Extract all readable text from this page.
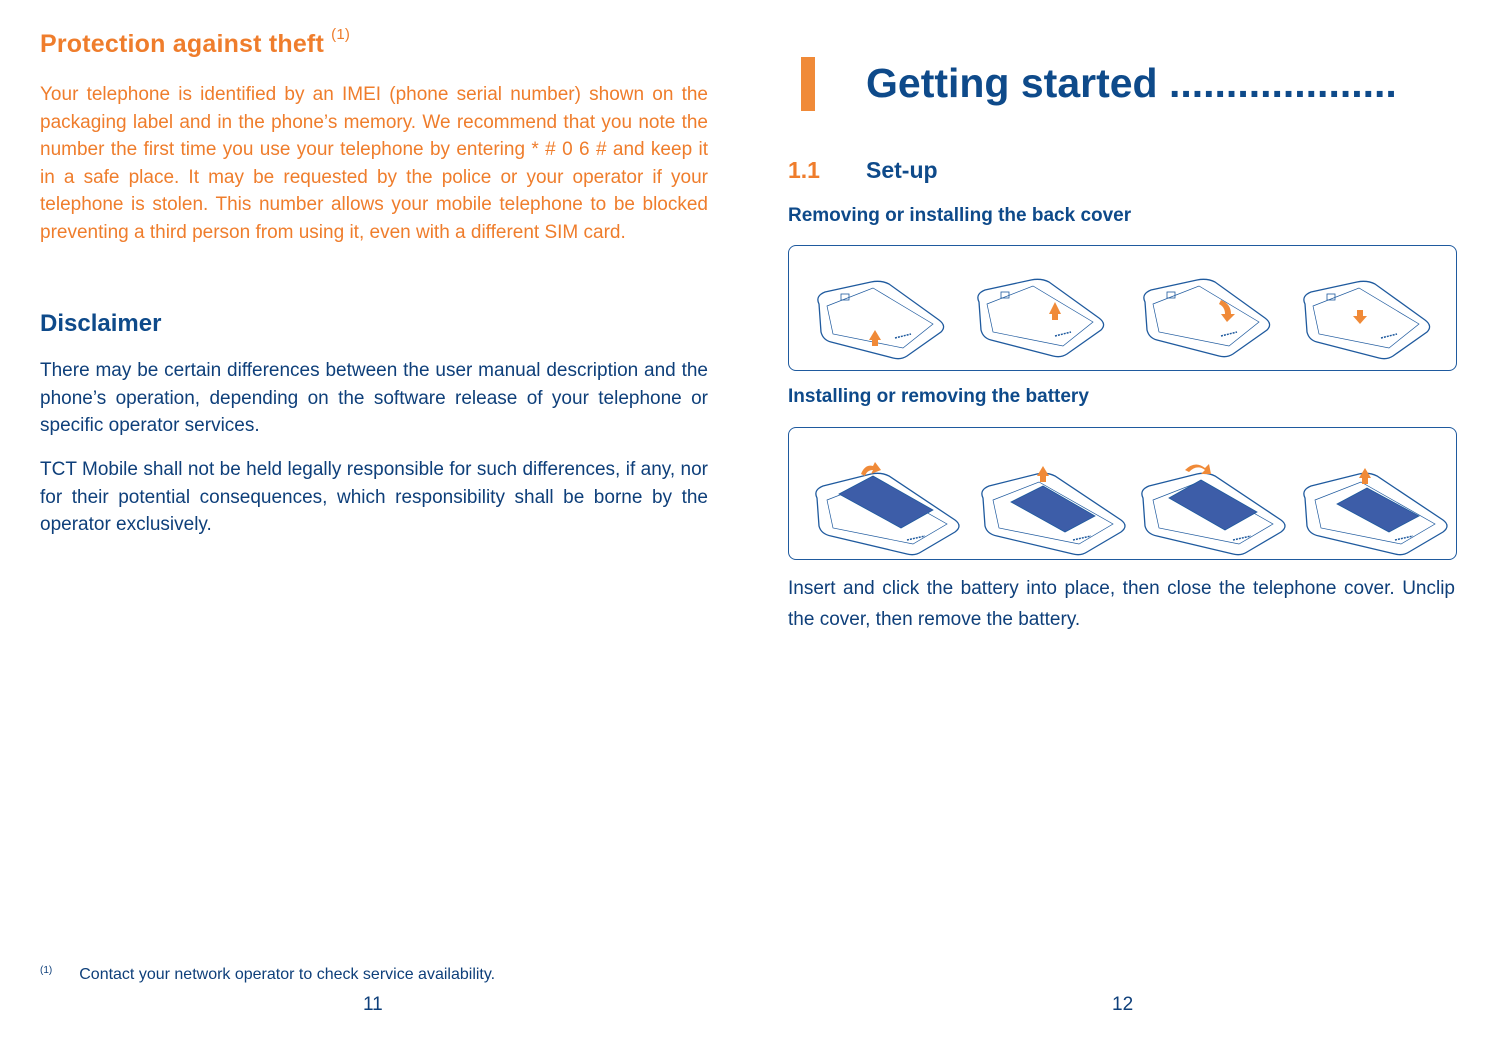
Protection against theft $^{(1)}$

Your telephone is identified by an IMEI (phone serial number) shown on the packaging label and in the phone’s memory. We recommend that you note the number the first time you use your telephone by entering * # 0 6 # and keep it in a safe place. It may be requested by the police or your operator if your telephone is stolen. This number allows your mobile telephone to be blocked preventing a third person from using it, even with a different SIM card.

Disclaimer

There may be certain differences between the user manual description and the phone’s operation, depending on the software release of your telephone or specific operator services.

TCT Mobile shall not be held legally responsible for such differences, if any, nor for their potential consequences, which responsibility shall be borne by the operator exclusively.

$^{(1)}$ Contact your network operator to check service availability.
11
Getting started ....................
1.1 Set-up
Removing or installing the back cover
Installing or removing the battery

Insert and click the battery into place, then close the telephone cover. Unclip the cover, then remove the battery.

12
